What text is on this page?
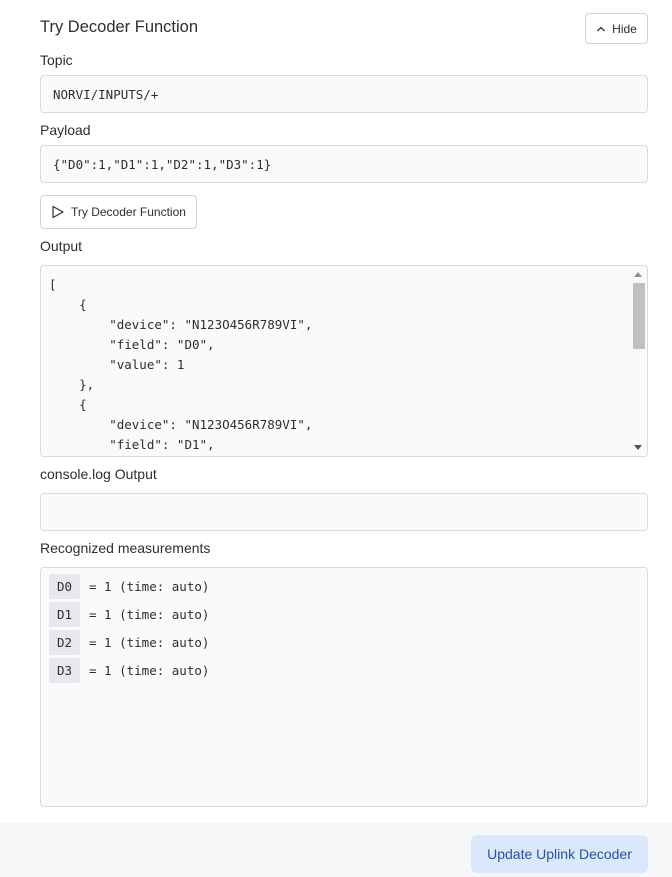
Try Decoder Function	Hide
Topic
NORVI/INPUTS/+
Payload
{"D0":1,"D1":1,"D2":1,"D3":1}
Try Decoder Function
Output
[
{
"device": "N123O456R789VI",
"field": "D0",
"value": 1
},
{
"device": "N123O456R789VI",
"field": "D1",
console.log Output
Recognized measurements
D0	= 1 (time: auto)
D1	= 1 (time: auto)
D2	= 1 (time: auto)
D3	= 1 (time: auto)
Update Uplink Decoder
